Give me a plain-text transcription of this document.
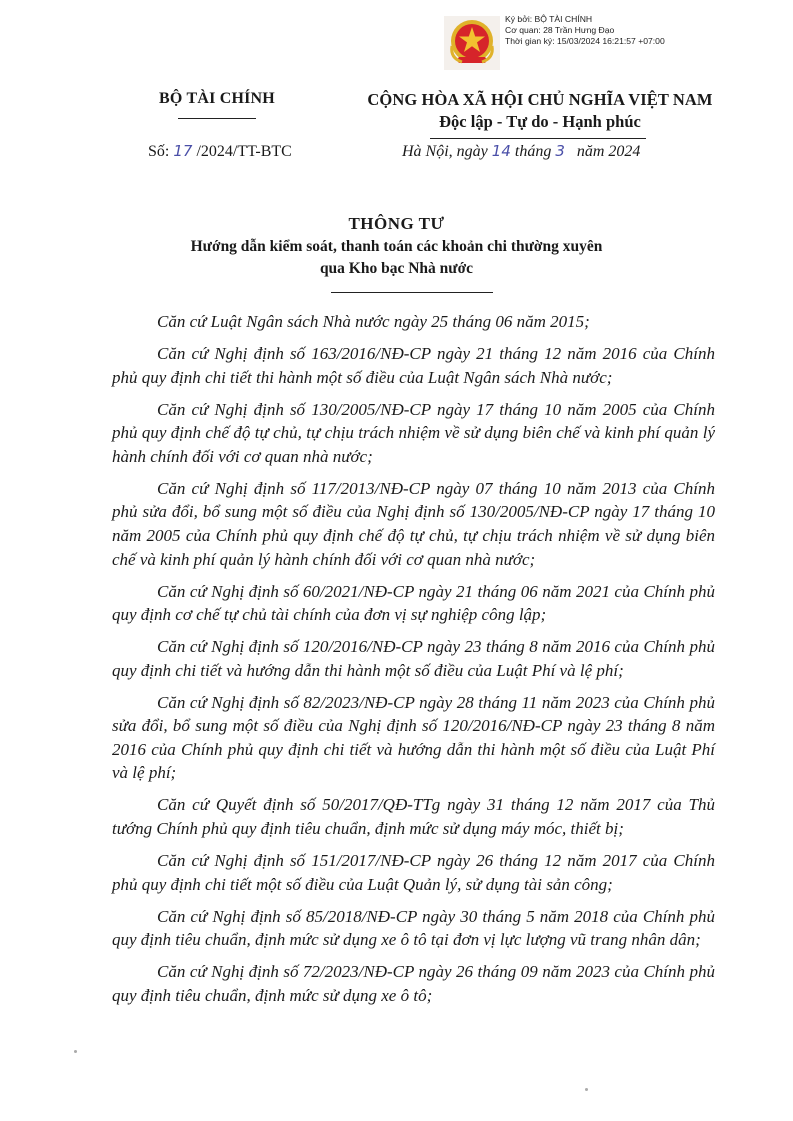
Ký bởi: BỘ TÀI CHÍNH
Cơ quan: 28 Trần Hưng Đạo
Thời gian ký: 15/03/2024 16:21:57 +07:00
BỘ TÀI CHÍNH	CỘNG HÒA XÃ HỘI CHỦ NGHĨA VIỆT NAM
Độc lập - Tự do - Hạnh phúc
Số: 17 /2024/TT-BTC	Hà Nội, ngày 14 tháng 3 năm 2024
THÔNG TƯ
Hướng dẫn kiểm soát, thanh toán các khoản chi thường xuyên qua Kho bạc Nhà nước

Căn cứ Luật Ngân sách Nhà nước ngày 25 tháng 06 năm 2015;

Căn cứ Nghị định số 163/2016/NĐ-CP ngày 21 tháng 12 năm 2016 của Chính phủ quy định chi tiết thi hành một số điều của Luật Ngân sách Nhà nước;

Căn cứ Nghị định số 130/2005/NĐ-CP ngày 17 tháng 10 năm 2005 của Chính phủ quy định chế độ tự chủ, tự chịu trách nhiệm về sử dụng biên chế và kinh phí quản lý hành chính đối với cơ quan nhà nước;

Căn cứ Nghị định số 117/2013/NĐ-CP ngày 07 tháng 10 năm 2013 của Chính phủ sửa đổi, bổ sung một số điều của Nghị định số 130/2005/NĐ-CP ngày 17 tháng 10 năm 2005 của Chính phủ quy định chế độ tự chủ, tự chịu trách nhiệm về sử dụng biên chế và kinh phí quản lý hành chính đối với cơ quan nhà nước;

Căn cứ Nghị định số 60/2021/NĐ-CP ngày 21 tháng 06 năm 2021 của Chính phủ quy định cơ chế tự chủ tài chính của đơn vị sự nghiệp công lập;

Căn cứ Nghị định số 120/2016/NĐ-CP ngày 23 tháng 8 năm 2016 của Chính phủ quy định chi tiết và hướng dẫn thi hành một số điều của Luật Phí và lệ phí;

Căn cứ Nghị định số 82/2023/NĐ-CP ngày 28 tháng 11 năm 2023 của Chính phủ sửa đổi, bổ sung một số điều của Nghị định số 120/2016/NĐ-CP ngày 23 tháng 8 năm 2016 của Chính phủ quy định chi tiết và hướng dẫn thi hành một số điều của Luật Phí và lệ phí;

Căn cứ Quyết định số 50/2017/QĐ-TTg ngày 31 tháng 12 năm 2017 của Thủ tướng Chính phủ quy định tiêu chuẩn, định mức sử dụng máy móc, thiết bị;

Căn cứ Nghị định số 151/2017/NĐ-CP ngày 26 tháng 12 năm 2017 của Chính phủ quy định chi tiết một số điều của Luật Quản lý, sử dụng tài sản công;

Căn cứ Nghị định số 85/2018/NĐ-CP ngày 30 tháng 5 năm 2018 của Chính phủ quy định tiêu chuẩn, định mức sử dụng xe ô tô tại đơn vị lực lượng vũ trang nhân dân;

Căn cứ Nghị định số 72/2023/NĐ-CP ngày 26 tháng 09 năm 2023 của Chính phủ quy định tiêu chuẩn, định mức sử dụng xe ô tô;
